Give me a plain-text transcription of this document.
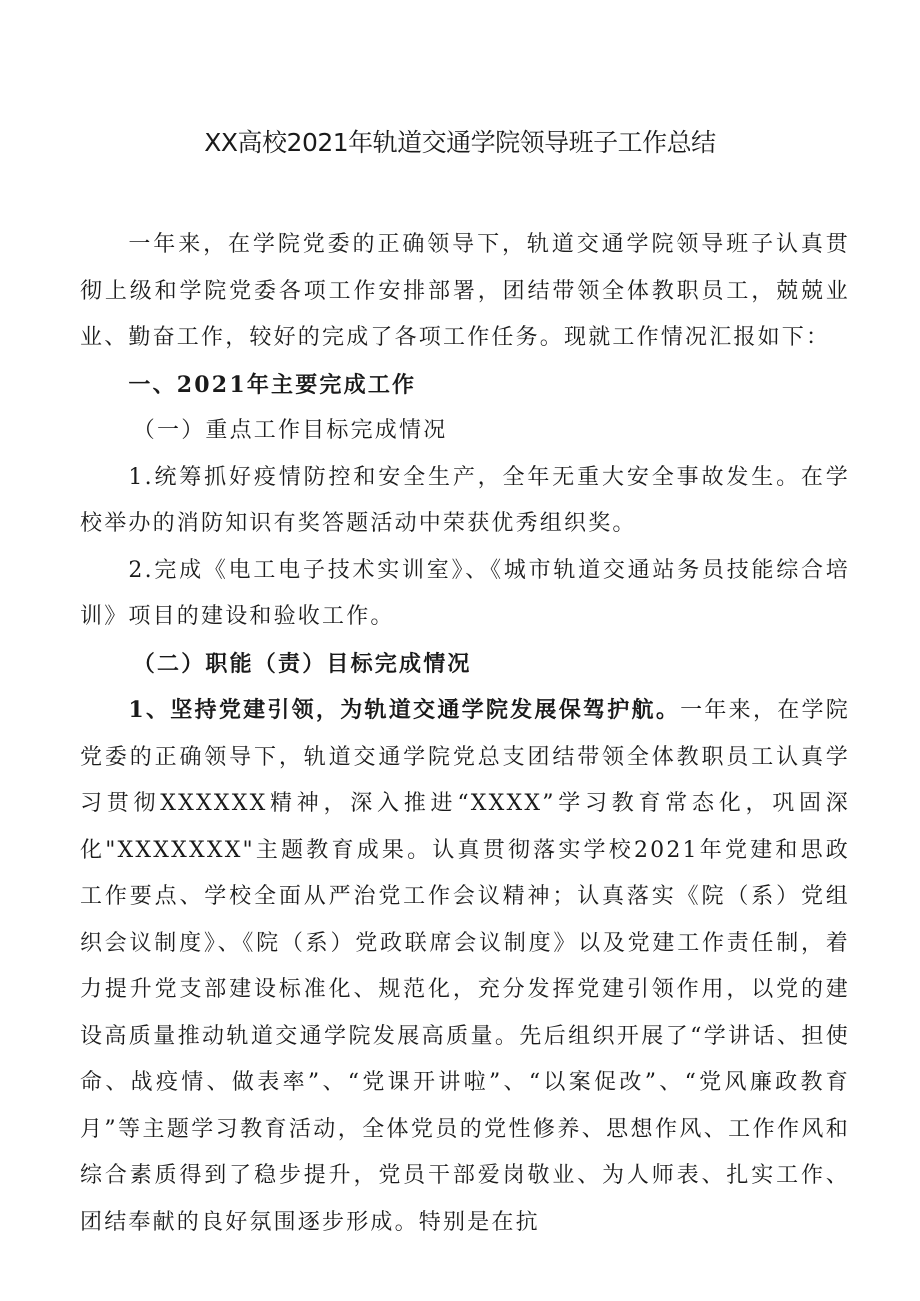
XX高校2021年轨道交通学院领导班子工作总结

一年来，在学院党委的正确领导下，轨道交通学院领导班子认真贯彻上级和学院党委各项工作安排部署，团结带领全体教职员工，兢兢业业、勤奋工作，较好的完成了各项工作任务。现就工作情况汇报如下：

一、2021年主要完成工作

（一）重点工作目标完成情况

1.统筹抓好疫情防控和安全生产，全年无重大安全事故发生。在学校举办的消防知识有奖答题活动中荣获优秀组织奖。

2.完成《电工电子技术实训室》、《城市轨道交通站务员技能综合培训》项目的建设和验收工作。

（二）职能（责）目标完成情况

1、坚持党建引领，为轨道交通学院发展保驾护航。一年来，在学院党委的正确领导下，轨道交通学院党总支团结带领全体教职员工认真学习贯彻XXXXXX精神，深入推进“XXXX”学习教育常态化，巩固深化"XXXXXXX"主题教育成果。认真贯彻落实学校2021年党建和思政工作要点、学校全面从严治党工作会议精神；认真落实《院（系）党组织会议制度》、《院（系）党政联席会议制度》以及党建工作责任制，着力提升党支部建设标准化、规范化，充分发挥党建引领作用，以党的建设高质量推动轨道交通学院发展高质量。先后组织开展了“学讲话、担使命、战疫情、做表率”、“党课开讲啦”、“以案促改”、“党风廉政教育月”等主题学习教育活动，全体党员的党性修养、思想作风、工作作风和综合素质得到了稳步提升，党员干部爱岗敬业、为人师表、扎实工作、团结奉献的良好氛围逐步形成。特别是在抗
